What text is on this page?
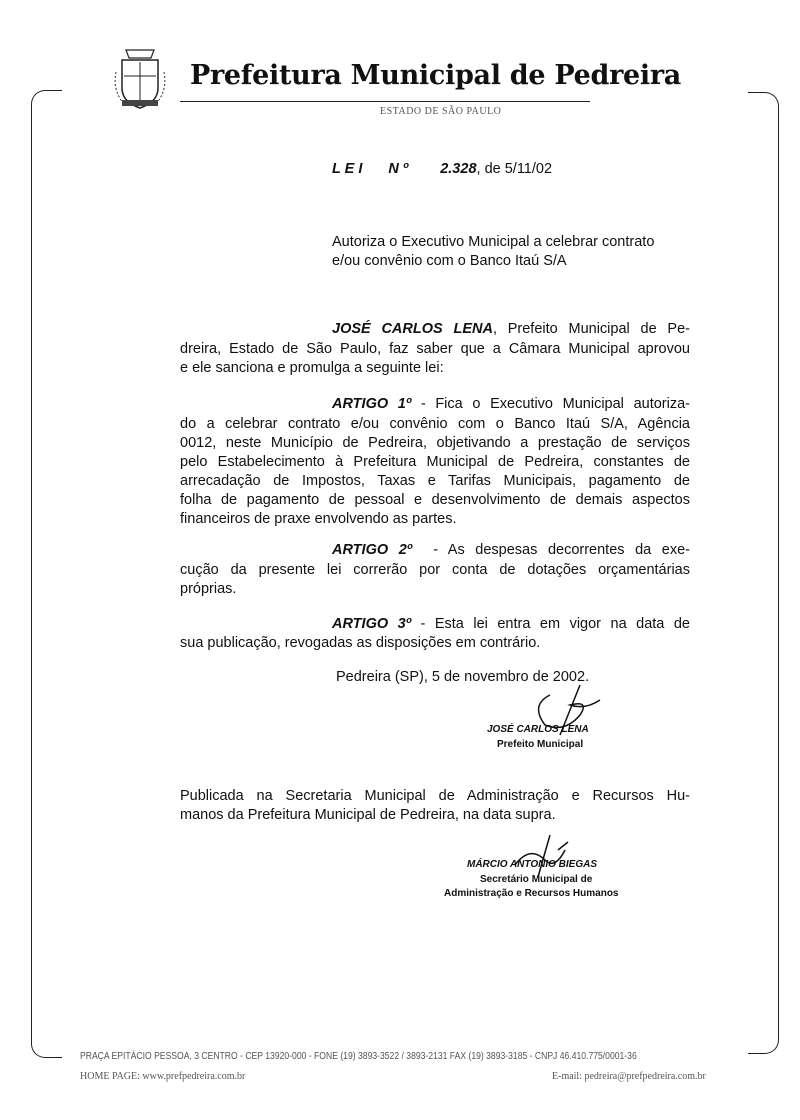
Prefeitura Municipal de Pedreira
ESTADO DE SÃO PAULO
L E I N º 2.328, de 5/11/02
Autoriza o Executivo Municipal a celebrar contrato
e/ou convênio com o Banco Itaú S/A
JOSÉ CARLOS LENA, Prefeito Municipal de Pe-
dreira, Estado de São Paulo, faz saber que a Câmara Municipal aprovou
e ele sanciona e promulga a seguinte lei:
ARTIGO 1º - Fica o Executivo Municipal autoriza-
do a celebrar contrato e/ou convênio com o Banco Itaú S/A, Agência
0012, neste Município de Pedreira, objetivando a prestação de serviços
pelo Estabelecimento à Prefeitura Municipal de Pedreira, constantes de
arrecadação de Impostos, Taxas e Tarifas Municipais, pagamento de
folha de pagamento de pessoal e desenvolvimento de demais aspectos
financeiros de praxe envolvendo as partes.
ARTIGO 2º  - As despesas decorrentes da exe-
cução da presente lei correrão por conta de dotações orçamentárias
próprias.
ARTIGO 3º - Esta lei entra em vigor na data de
sua publicação, revogadas as disposições em contrário.
Pedreira (SP), 5 de novembro de 2002.
JOSÉ CARLOS LENA
Prefeito Municipal
Publicada na Secretaria Municipal de Administração e Recursos Hu-
manos da Prefeitura Municipal de Pedreira, na data supra.
MÁRCIO ANTONIO BIEGAS
Secretário Municipal de
Administração e Recursos Humanos
PRAÇA EPITÁCIO PESSOA, 3 CENTRO - CEP 13920-000 - FONE (19) 3893-3522 / 3893-2131 FAX (19) 3893-3185 - CNPJ 46.410.775/0001-36
HOME PAGE: www.prefpedreira.com.br	E-mail: pedreira@prefpedreira.com.br
